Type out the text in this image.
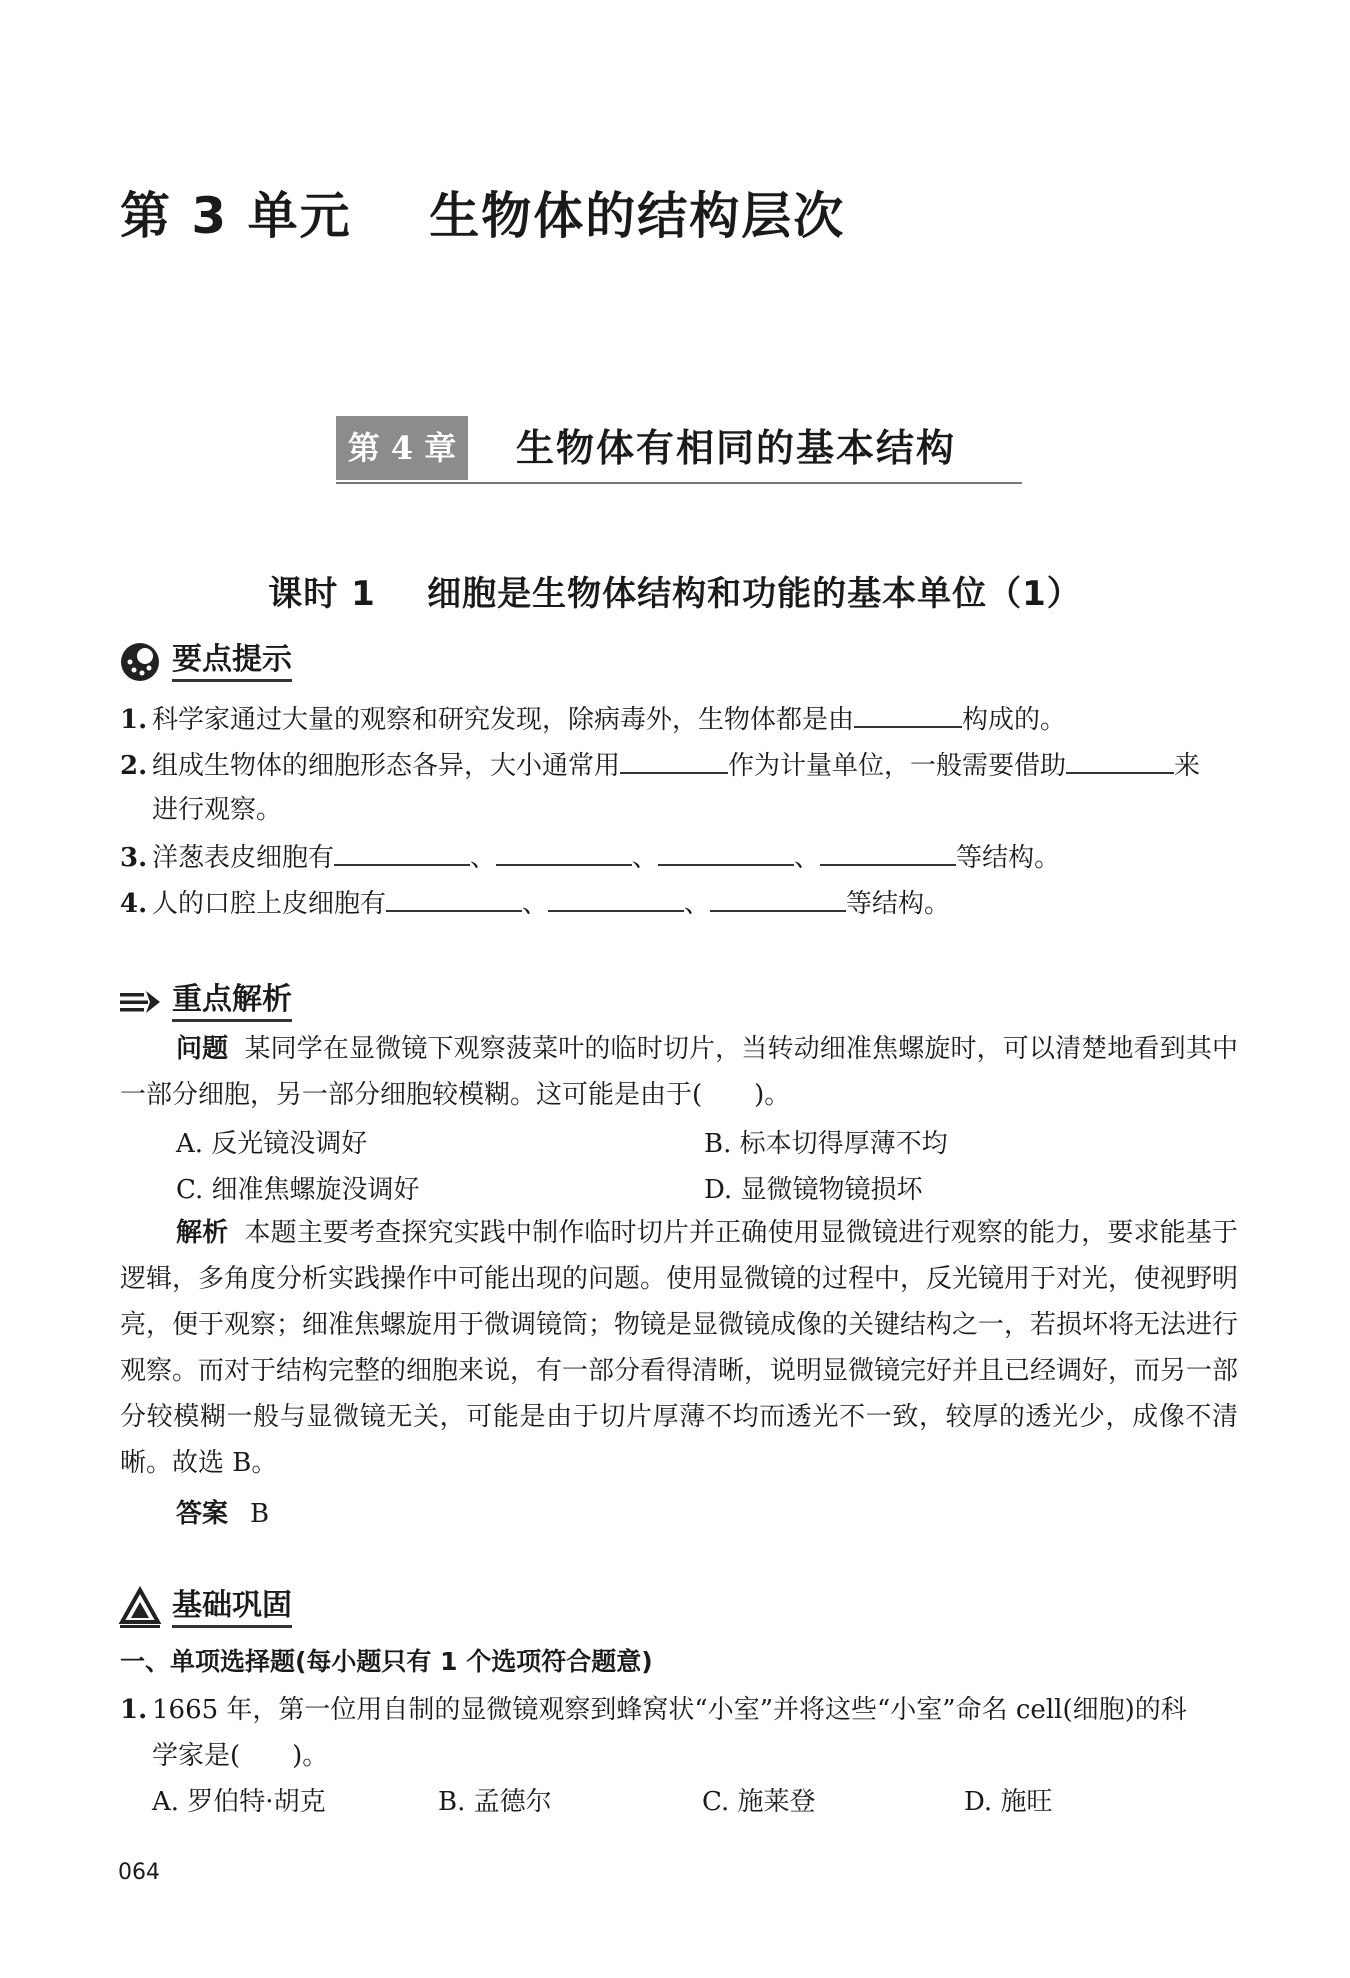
第 3 单元    生物体的结构层次
第 4 章	生物体有相同的基本结构
课时 1    细胞是生物体结构和功能的基本单位（1）
要点提示
1. 科学家通过大量的观察和研究发现，除病毒外，生物体都是由	构成的。
2. 组成生物体的细胞形态各异，大小通常用	作为计量单位，一般需要借助	来
进行观察。
3. 洋葱表皮细胞有	、	、	、	等结构。
4. 人的口腔上皮细胞有	、	、	等结构。
重点解析
问题 某同学在显微镜下观察菠菜叶的临时切片，当转动细准焦螺旋时，可以清楚地看到其中一部分细胞，另一部分细胞较模糊。这可能是由于(　　)。
A. 反光镜没调好	B. 标本切得厚薄不均
C. 细准焦螺旋没调好	D. 显微镜物镜损坏
解析 本题主要考查探究实践中制作临时切片并正确使用显微镜进行观察的能力，要求能基于逻辑，多角度分析实践操作中可能出现的问题。使用显微镜的过程中，反光镜用于对光，使视野明亮，便于观察；细准焦螺旋用于微调镜筒；物镜是显微镜成像的关键结构之一，若损坏将无法进行观察。而对于结构完整的细胞来说，有一部分看得清晰，说明显微镜完好并且已经调好，而另一部分较模糊一般与显微镜无关，可能是由于切片厚薄不均而透光不一致，较厚的透光少，成像不清晰。故选 B。
答案 B
基础巩固
一、单项选择题(每小题只有 1 个选项符合题意)
1. 1665 年，第一位用自制的显微镜观察到蜂窝状“小室”并将这些“小室”命名 cell(细胞)的科
学家是(　　)。
A. 罗伯特·胡克	B. 孟德尔	C. 施莱登	D. 施旺
064
